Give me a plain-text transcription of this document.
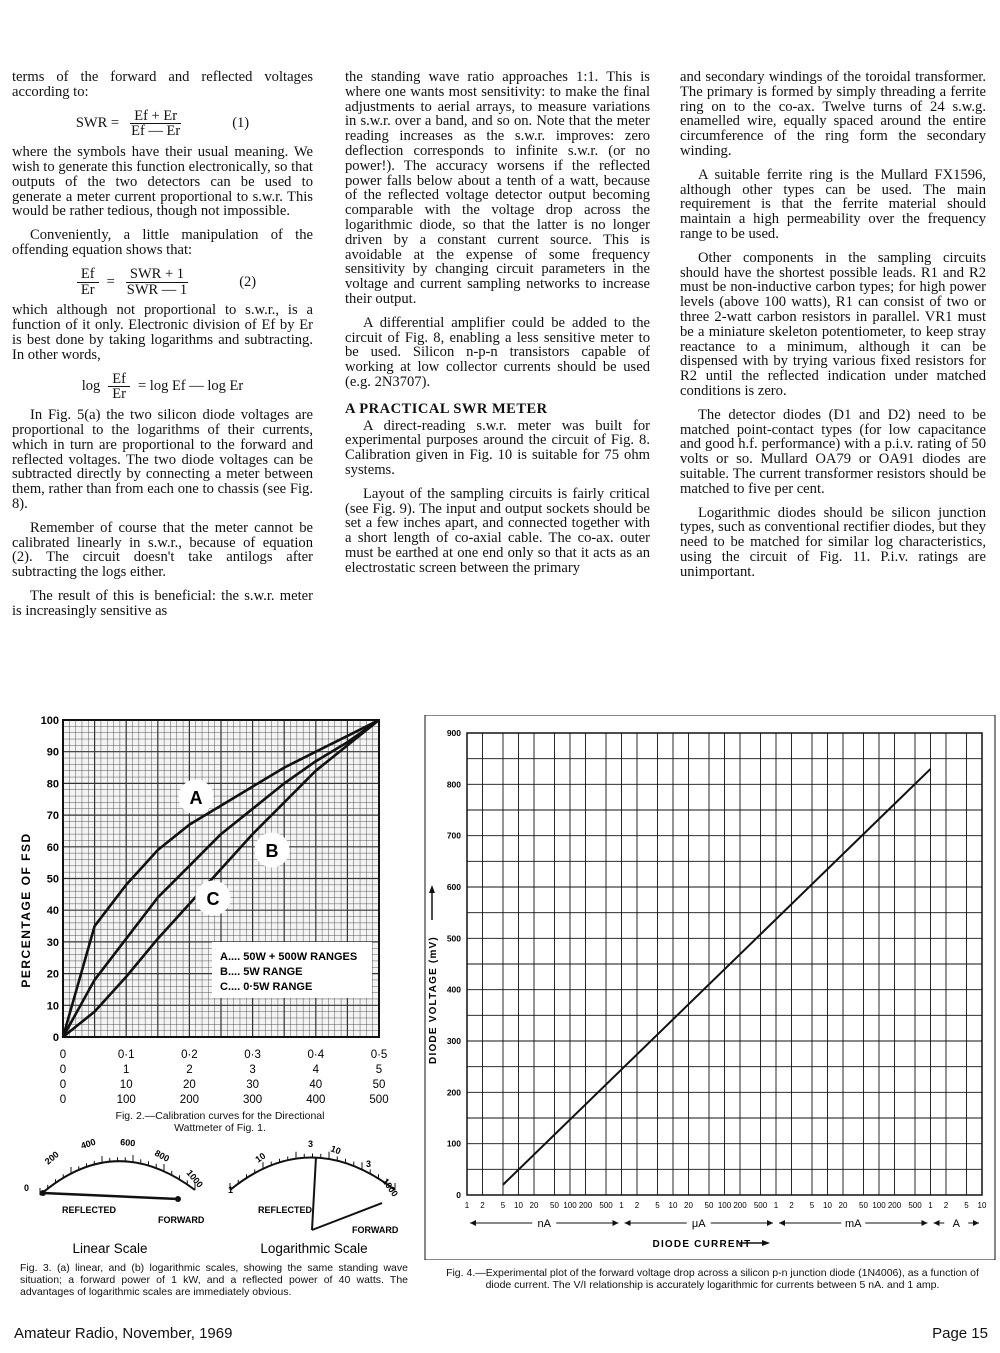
terms of the forward and reflected voltages according to:

SWR = $\frac{Ef + Er}{Ef — Er}$	(1)

where the symbols have their usual meaning. We wish to generate this function electronically, so that outputs of the two detectors can be used to generate a meter current proportional to s.w.r. This would be rather tedious, though not impossible.

Conveniently, a little manipulation of the offending equation shows that:

$\frac{Ef}{Er} = \frac{\text{SWR + 1}}{\text{SWR — 1}}$	(2)

which although not proportional to s.w.r., is a function of it only. Electronic division of Ef by Er is best done by taking logarithms and subtracting. In other words,

$\log \frac{Ef}{Er} = \log Ef$ — log Er

In Fig. 5(a) the two silicon diode voltages are proportional to the logarithms of their currents, which in turn are proportional to the forward and reflected voltages. The two diode voltages can be subtracted directly by connecting a meter between them, rather than from each one to chassis (see Fig. 8).

Remember of course that the meter cannot be calibrated linearly in s.w.r., because of equation (2). The circuit doesn't take antilogs after subtracting the logs either.

The result of this is beneficial: the s.w.r. meter is increasingly sensitive as

the standing wave ratio approaches 1:1. This is where one wants most sensitivity: to make the final adjustments to aerial arrays, to measure variations in s.w.r. over a band, and so on. Note that the meter reading increases as the s.w.r. improves: zero deflection corresponds to infinite s.w.r. (or no power!). The accuracy worsens if the reflected power falls below about a tenth of a watt, because of the reflected voltage detector output becoming comparable with the voltage drop across the logarithmic diode, so that the latter is no longer driven by a constant current source. This is avoidable at the expense of some frequency sensitivity by changing circuit parameters in the voltage and current sampling networks to increase their output.

A differential amplifier could be added to the circuit of Fig. 8, enabling a less sensitive meter to be used. Silicon n-p-n transistors capable of working at low collector currents should be used (e.g. 2N3707).

A PRACTICAL SWR METER

A direct-reading s.w.r. meter was built for experimental purposes around the circuit of Fig. 8. Calibration given in Fig. 10 is suitable for 75 ohm systems.

Layout of the sampling circuits is fairly critical (see Fig. 9). The input and output sockets should be set a few inches apart, and connected together with a short length of co-axial cable. The co-ax. outer must be earthed at one end only so that it acts as an electrostatic screen between the primary

and secondary windings of the toroidal transformer. The primary is formed by simply threading a ferrite ring on to the co-ax. Twelve turns of 24 s.w.g. enamelled wire, equally spaced around the entire circumference of the ring form the secondary winding.

A suitable ferrite ring is the Mullard FX1596, although other types can be used. The main requirement is that the ferrite material should maintain a high permeability over the frequency range to be used.

Other components in the sampling circuits should have the shortest possible leads. R1 and R2 must be non-inductive carbon types; for high power levels (above 100 watts), R1 can consist of two or three 2-watt carbon resistors in parallel. VR1 must be a miniature skeleton potentiometer, to keep stray reactance to a minimum, although it can be dispensed with by trying various fixed resistors for R2 until the reflected indication under matched conditions is zero.

The detector diodes (D1 and D2) need to be matched point-contact types (for low capacitance and good h.f. performance) with a p.i.v. rating of 50 volts or so. Mullard OA79 or OA91 diodes are suitable. The current transformer resistors should be matched to five per cent.

Logarithmic diodes should be silicon junction types, such as conventional rectifier diodes, but they need to be matched for similar log characteristics, using the circuit of Fig. 11. P.i.v. ratings are unimportant.

PERCENTAGE OF FSD
100
90
80
70
60
50
40
30
20
10
0
0	0·1	0·2	0·3	0·4	0·5
0	1	2	3	4	5
0	10	20	30	40	50
0	100	200	300	400	500
A
B
C
A.... 50W + 500W RANGES
B.... 5W RANGE
C.... 0·5W RANGE
Fig. 2.—Calibration curves for the Directional Wattmeter of Fig. 1.
0
200
400	600
800
1000
REFLECTED
FORWARD
Linear Scale
1
10
3 10
3
1000
REFLECTED
FORWARD
Logarithmic Scale
Fig. 3. (a) linear, and (b) logarithmic scales, showing the same standing wave situation; a forward power of 1 kW, and a reflected power of 40 watts. The advantages of logarithmic scales are immediately obvious.
DIODE VOLTAGE (mV)
900
800
700
600
500
400
300
200
100
0
1 2 5 10 20 50 100 200 500 1 2 5 10 20 50 100 200 500 1 2 5 10 20 50 100 200 500 1 2 5 10
nA	μA	mA	A
DIODE CURRENT
Fig. 4.—Experimental plot of the forward voltage drop across a silicon p-n junction diode (1N4006), as a function of diode current. The V/I relationship is accurately logarithmic for currents between 5 nA. and 1 amp.
Amateur Radio, November, 1969	Page 15
